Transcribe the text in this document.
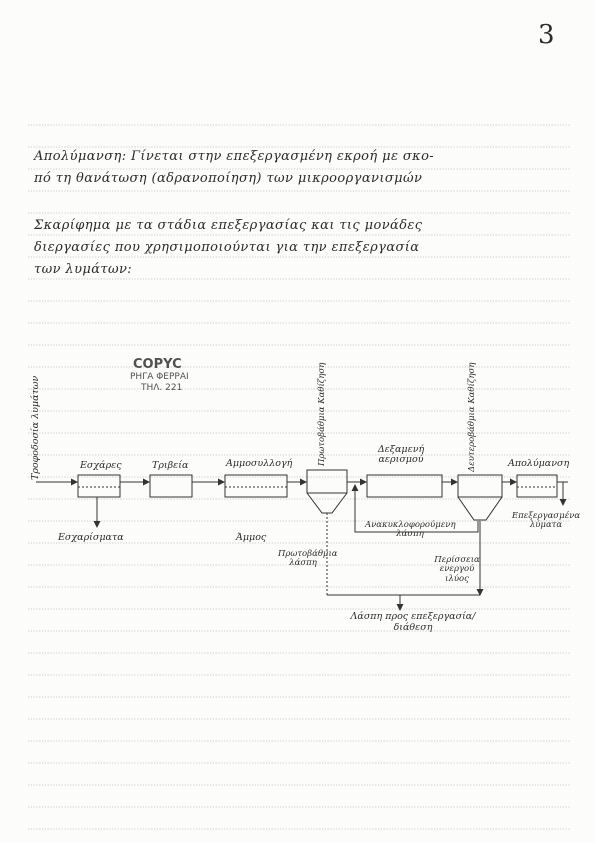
3
Απολύμανση: Γίνεται στην επεξεργασμένη εκροή με σκο-
πό τη θανάτωση (αδρανοποίηση) των μικροοργανισμών
Σκαρίφημα με τα στάδια επεξεργασίας και τις μονάδες
διεργασίες που χρησιμοποιούνται για την επεξεργασία
των λυμάτων:
COPYC
ΡΗΓΑ ΦΕΡΡΑΙ
ΤΗΛ. 221
Τροφοδοσία λυμάτων	Εσχάρες	Τριβεία	Αμμοσυλλογή	Πρωτοβάθμια Καθίζηση	Δεξαμενή αερισμού	Δευτεροβάθμια Καθίζηση	Απολύμανση
Εσχαρίσματα	Άμμος
Πρωτοβάθμια λάσπη
Ανακυκλοφορούμενη λάσπη
Περίσσεια ενεργού ιλύος
Επεξεργασμένα λύματα
Λάσπη προς επεξεργασία/ διάθεση
